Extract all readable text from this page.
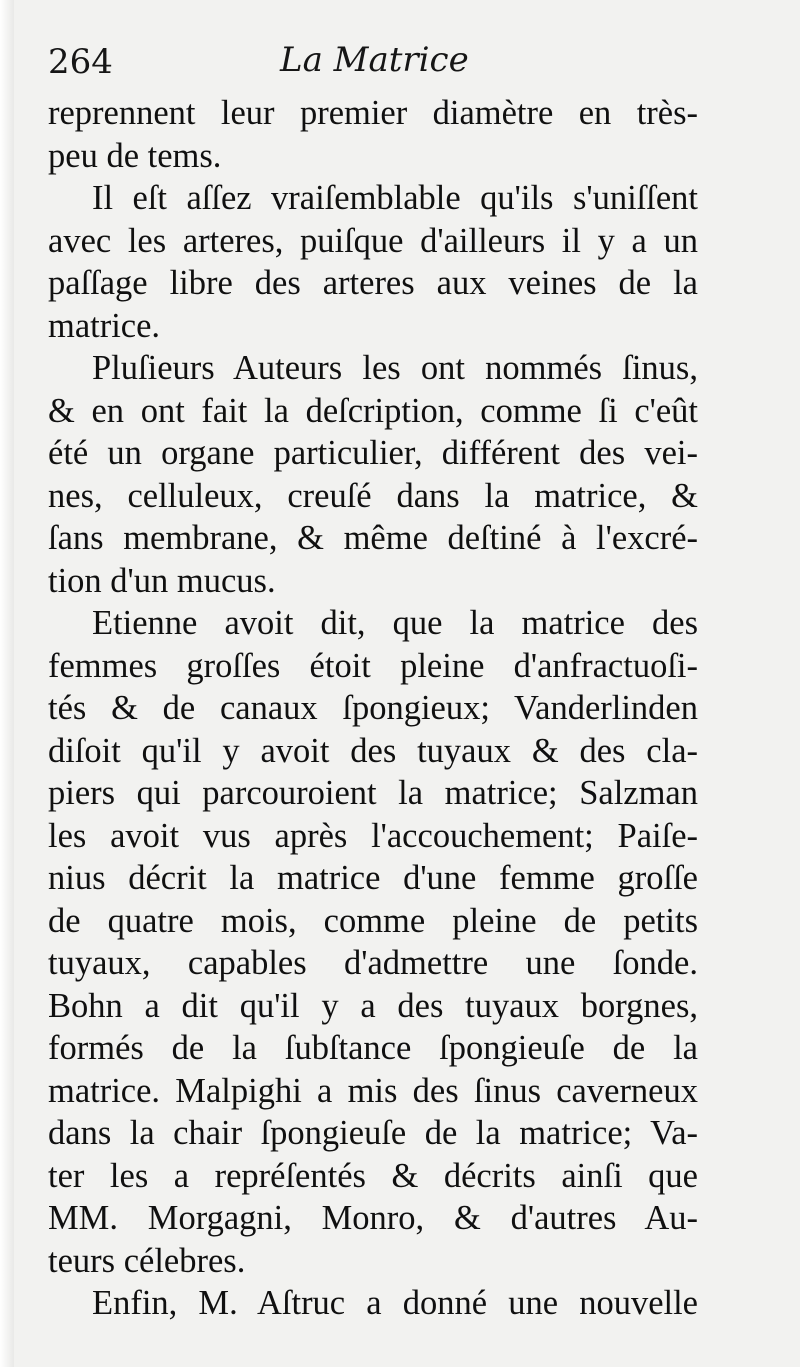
264	La Matrice
reprennent leur premier diamètre en très-
peu de tems.
Il eſt aſſez vraiſemblable qu'ils s'uniſſent
avec les arteres, puiſque d'ailleurs il y a un
paſſage libre des arteres aux veines de la
matrice.
Pluſieurs Auteurs les ont nommés ſinus,
& en ont fait la deſcription, comme ſi c'eût
été un organe particulier, différent des vei-
nes, celluleux, creuſé dans la matrice, &
ſans membrane, & même deſtiné à l'excré-
tion d'un mucus.
Etienne avoit dit, que la matrice des
femmes groſſes étoit pleine d'anfractuoſi-
tés & de canaux ſpongieux; Vanderlinden
diſoit qu'il y avoit des tuyaux & des cla-
piers qui parcouroient la matrice; Salzman
les avoit vus après l'accouchement; Paiſe-
nius décrit la matrice d'une femme groſſe
de quatre mois, comme pleine de petits
tuyaux, capables d'admettre une ſonde.
Bohn a dit qu'il y a des tuyaux borgnes,
formés de la ſubſtance ſpongieuſe de la
matrice. Malpighi a mis des ſinus caverneux
dans la chair ſpongieuſe de la matrice; Va-
ter les a repréſentés & décrits ainſi que
MM. Morgagni, Monro, & d'autres Au-
teurs célebres.
Enfin, M. Aſtruc a donné une nouvelle
